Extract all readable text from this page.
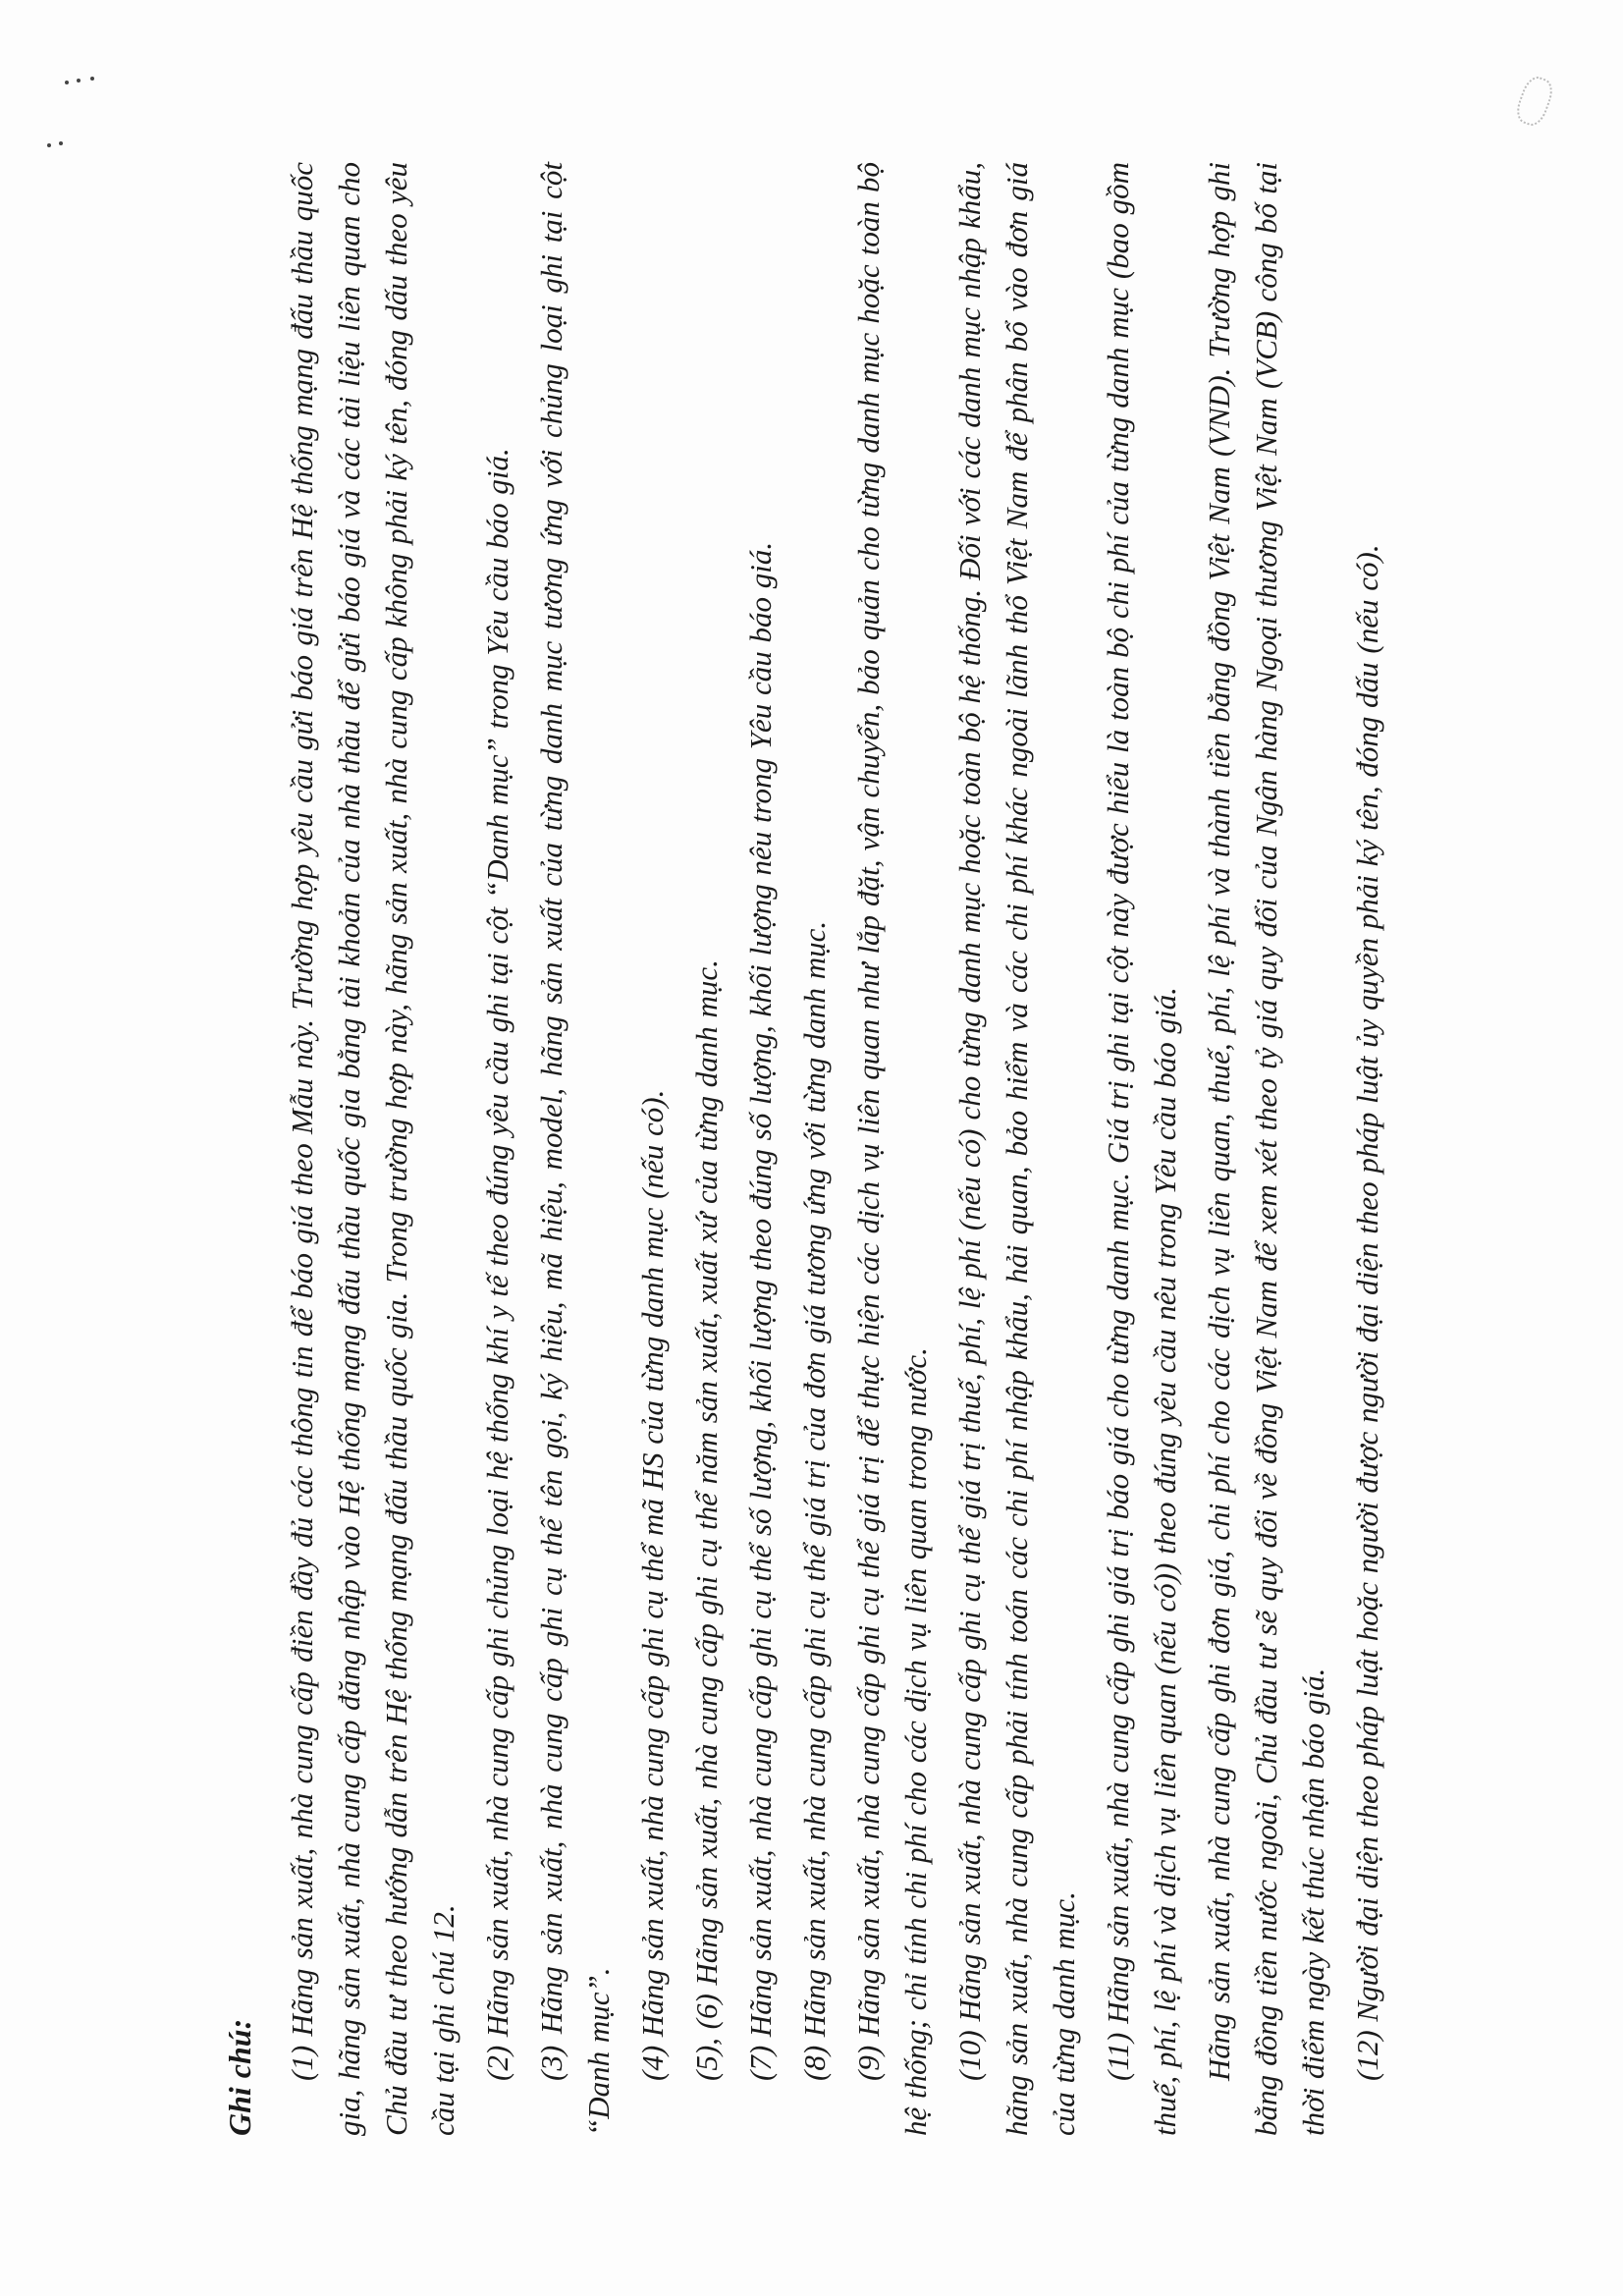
Ghi chú: (1) Hãng sản xuất, nhà cung cấp điền đầy đủ các thông tin để báo giá theo Mẫu này. Trường hợp yêu cầu gửi báo giá trên Hệ thống mạng đấu thầu quốc gia, hãng sản xuất, nhà cung cấp đăng nhập vào Hệ thống mạng đấu thầu quốc gia bằng tài khoản của nhà thầu để gửi báo giá và các tài liệu liên quan cho Chủ đầu tư theo hướng dẫn trên Hệ thống mạng đấu thầu quốc gia. Trong trường hợp này, hãng sản xuất, nhà cung cấp không phải ký tên, đóng dấu theo yêu cầu tại ghi chú 12. (2) Hãng sản xuất, nhà cung cấp ghi chủng loại hệ thống khí y tế theo đúng yêu cầu ghi tại cột “Danh mục” trong Yêu cầu báo giá. (3) Hãng sản xuất, nhà cung cấp ghi cụ thể tên gọi, ký hiệu, mã hiệu, model, hãng sản xuất của từng danh mục tương ứng với chủng loại ghi tại cột “Danh mục”. (4) Hãng sản xuất, nhà cung cấp ghi cụ thể mã HS của từng danh mục (nếu có). (5), (6) Hãng sản xuất, nhà cung cấp ghi cụ thể năm sản xuất, xuất xứ của từng danh mục. (7) Hãng sản xuất, nhà cung cấp ghi cụ thể số lượng, khối lượng theo đúng số lượng, khối lượng nêu trong Yêu cầu báo giá. (8) Hãng sản xuất, nhà cung cấp ghi cụ thể giá trị của đơn giá tương ứng với từng danh mục. (9) Hãng sản xuất, nhà cung cấp ghi cụ thể giá trị để thực hiện các dịch vụ liên quan như lắp đặt, vận chuyển, bảo quản cho từng danh mục hoặc toàn bộ hệ thống; chỉ tính chi phí cho các dịch vụ liên quan trong nước. (10) Hãng sản xuất, nhà cung cấp ghi cụ thể giá trị thuế, phí, lệ phí (nếu có) cho từng danh mục hoặc toàn bộ hệ thống. Đối với các danh mục nhập khẩu, hãng sản xuất, nhà cung cấp phải tính toán các chi phí nhập khẩu, hải quan, bảo hiểm và các chi phí khác ngoài lãnh thổ Việt Nam để phân bổ vào đơn giá của từng danh mục. (11) Hãng sản xuất, nhà cung cấp ghi giá trị báo giá cho từng danh mục. Giá trị ghi tại cột này được hiểu là toàn bộ chi phí của từng danh mục (bao gồm thuế, phí, lệ phí và dịch vụ liên quan (nếu có)) theo đúng yêu cầu nêu trong Yêu cầu báo giá. Hãng sản xuất, nhà cung cấp ghi đơn giá, chi phí cho các dịch vụ liên quan, thuế, phí, lệ phí và thành tiền bằng đồng Việt Nam (VND). Trường hợp ghi bằng đồng tiền nước ngoài, Chủ đầu tư sẽ quy đổi về đồng Việt Nam để xem xét theo tỷ giá quy đổi của Ngân hàng Ngoại thương Việt Nam (VCB) công bố tại thời điểm ngày kết thúc nhận báo giá. (12) Người đại diện theo pháp luật hoặc người được người đại diện theo pháp luật ủy quyền phải ký tên, đóng dấu (nếu có).
